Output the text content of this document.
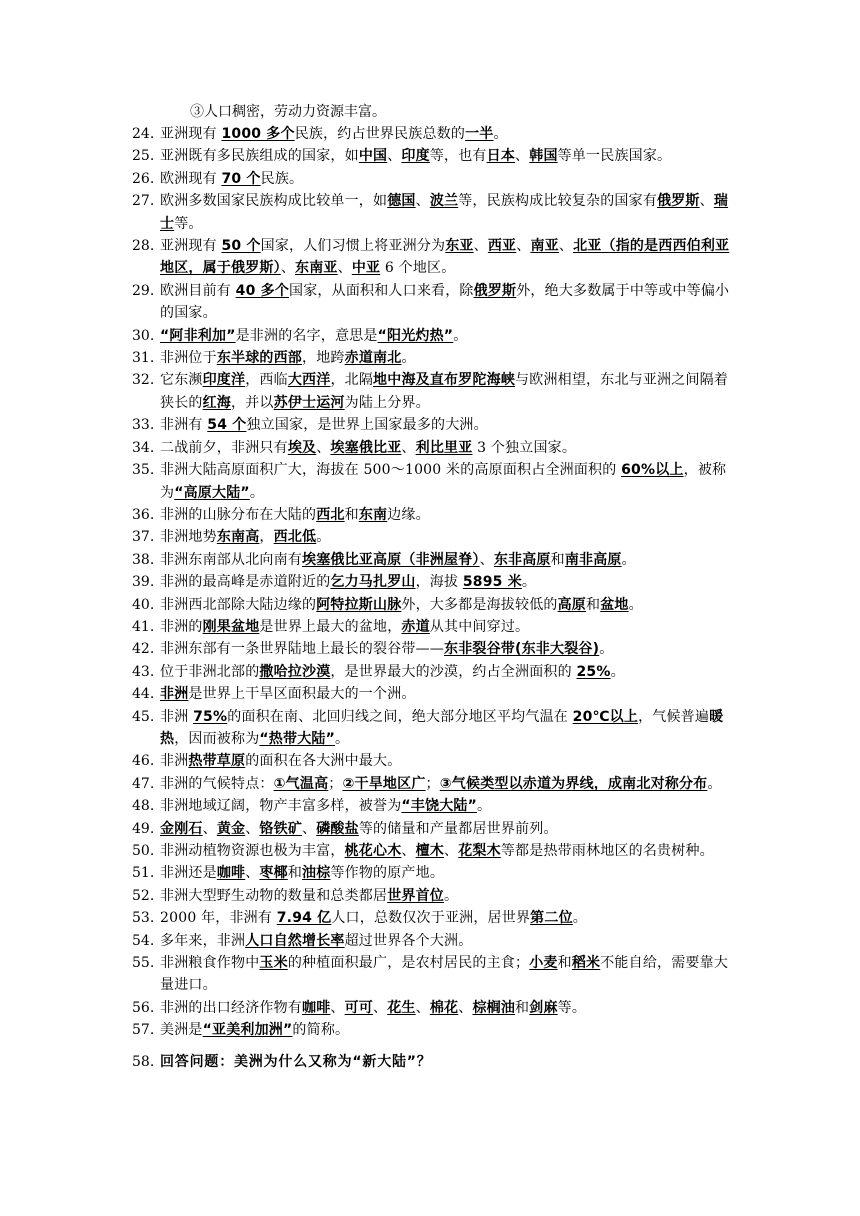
③人口稠密，劳动力资源丰富。
24. 亚洲现有 1000 多个民族，约占世界民族总数的一半。
25. 亚洲既有多民族组成的国家，如中国、印度等，也有日本、韩国等单一民族国家。
26. 欧洲现有 70 个民族。
27. 欧洲多数国家民族构成比较单一，如德国、波兰等，民族构成比较复杂的国家有俄罗斯、瑞士等。
28. 亚洲现有 50 个国家，人们习惯上将亚洲分为东亚、西亚、南亚、北亚（指的是西西伯利亚地区，属于俄罗斯）、东南亚、中亚 6 个地区。
29. 欧洲目前有 40 多个国家，从面积和人口来看，除俄罗斯外，绝大多数属于中等或中等偏小的国家。
30. “阿非利加”是非洲的名字，意思是“阳光灼热”。
31. 非洲位于东半球的西部，地跨赤道南北。
32. 它东濒印度洋，西临大西洋，北隔地中海及直布罗陀海峡与欧洲相望，东北与亚洲之间隔着狭长的红海，并以苏伊士运河为陆上分界。
33. 非洲有 54 个独立国家，是世界上国家最多的大洲。
34. 二战前夕，非洲只有埃及、埃塞俄比亚、利比里亚 3 个独立国家。
35. 非洲大陆高原面积广大，海拔在 500～1000 米的高原面积占全洲面积的 60%以上，被称为“高原大陆”。
36. 非洲的山脉分布在大陆的西北和东南边缘。
37. 非洲地势东南高，西北低。
38. 非洲东南部从北向南有埃塞俄比亚高原（非洲屋脊）、东非高原和南非高原。
39. 非洲的最高峰是赤道附近的乞力马扎罗山，海拔 5895 米。
40. 非洲西北部除大陆边缘的阿特拉斯山脉外，大多都是海拔较低的高原和盆地。
41. 非洲的刚果盆地是世界上最大的盆地，赤道从其中间穿过。
42. 非洲东部有一条世界陆地上最长的裂谷带——东非裂谷带(东非大裂谷)。
43. 位于非洲北部的撒哈拉沙漠，是世界最大的沙漠，约占全洲面积的 25%。
44. 非洲是世界上干旱区面积最大的一个洲。
45. 非洲 75%的面积在南、北回归线之间，绝大部分地区平均气温在 20℃以上，气候普遍暖热，因而被称为“热带大陆”。
46. 非洲热带草原的面积在各大洲中最大。
47. 非洲的气候特点：①气温高；②干旱地区广；③气候类型以赤道为界线，成南北对称分布。
48. 非洲地域辽阔，物产丰富多样，被誉为“丰饶大陆”。
49. 金刚石、黄金、铬铁矿、磷酸盐等的储量和产量都居世界前列。
50. 非洲动植物资源也极为丰富，桃花心木、檀木、花梨木等都是热带雨林地区的名贵树种。
51. 非洲还是咖啡、枣椰和油棕等作物的原产地。
52. 非洲大型野生动物的数量和总类都居世界首位。
53. 2000 年，非洲有 7.94 亿人口，总数仅次于亚洲，居世界第二位。
54. 多年来，非洲人口自然增长率超过世界各个大洲。
55. 非洲粮食作物中玉米的种植面积最广，是农村居民的主食；小麦和稻米不能自给，需要靠大量进口。
56. 非洲的出口经济作物有咖啡、可可、花生、棉花、棕榈油和剑麻等。
57. 美洲是“亚美利加洲”的简称。
58. 回答问题：美洲为什么又称为“新大陆”？
